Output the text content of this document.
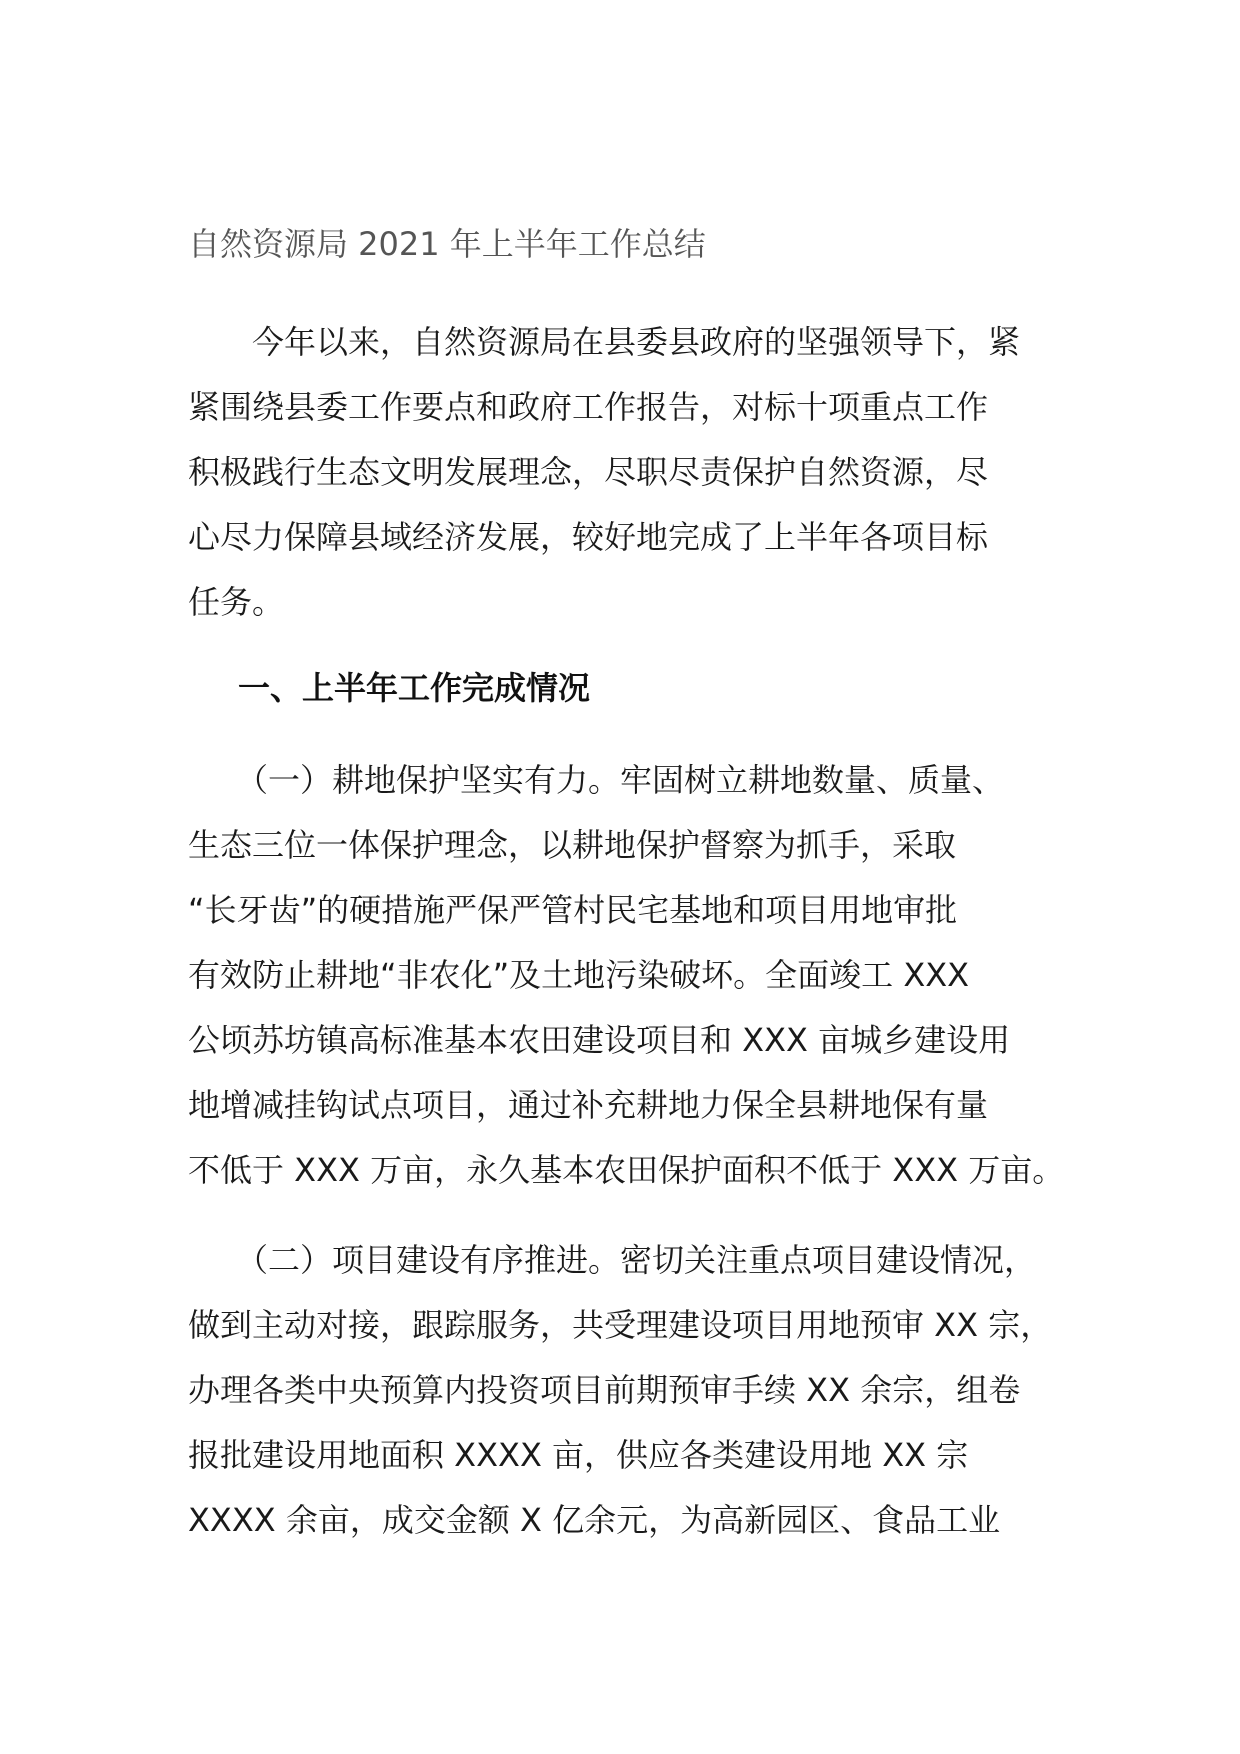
自然资源局 2021 年上半年工作总结
　　今年以来，自然资源局在县委县政府的坚强领导下，紧
紧围绕县委工作要点和政府工作报告，对标十项重点工作
积极践行生态文明发展理念，尽职尽责保护自然资源，尽
心尽力保障县域经济发展，较好地完成了上半年各项目标
任务。
一、上半年工作完成情况
　　（一）耕地保护坚实有力。牢固树立耕地数量、质量、
生态三位一体保护理念，以耕地保护督察为抓手，采取
“长牙齿”的硬措施严保严管村民宅基地和项目用地审批
有效防止耕地“非农化”及土地污染破坏。全面竣工 XXX
公顷苏坊镇高标准基本农田建设项目和 XXX 亩城乡建设用
地增减挂钩试点项目，通过补充耕地力保全县耕地保有量
不低于 XXX 万亩，永久基本农田保护面积不低于 XXX 万亩。
　　（二）项目建设有序推进。密切关注重点项目建设情况，
做到主动对接，跟踪服务，共受理建设项目用地预审 XX 宗，
办理各类中央预算内投资项目前期预审手续 XX 余宗，组卷
报批建设用地面积 XXXX 亩，供应各类建设用地 XX 宗
XXXX 余亩，成交金额 X 亿余元，为高新园区、食品工业
